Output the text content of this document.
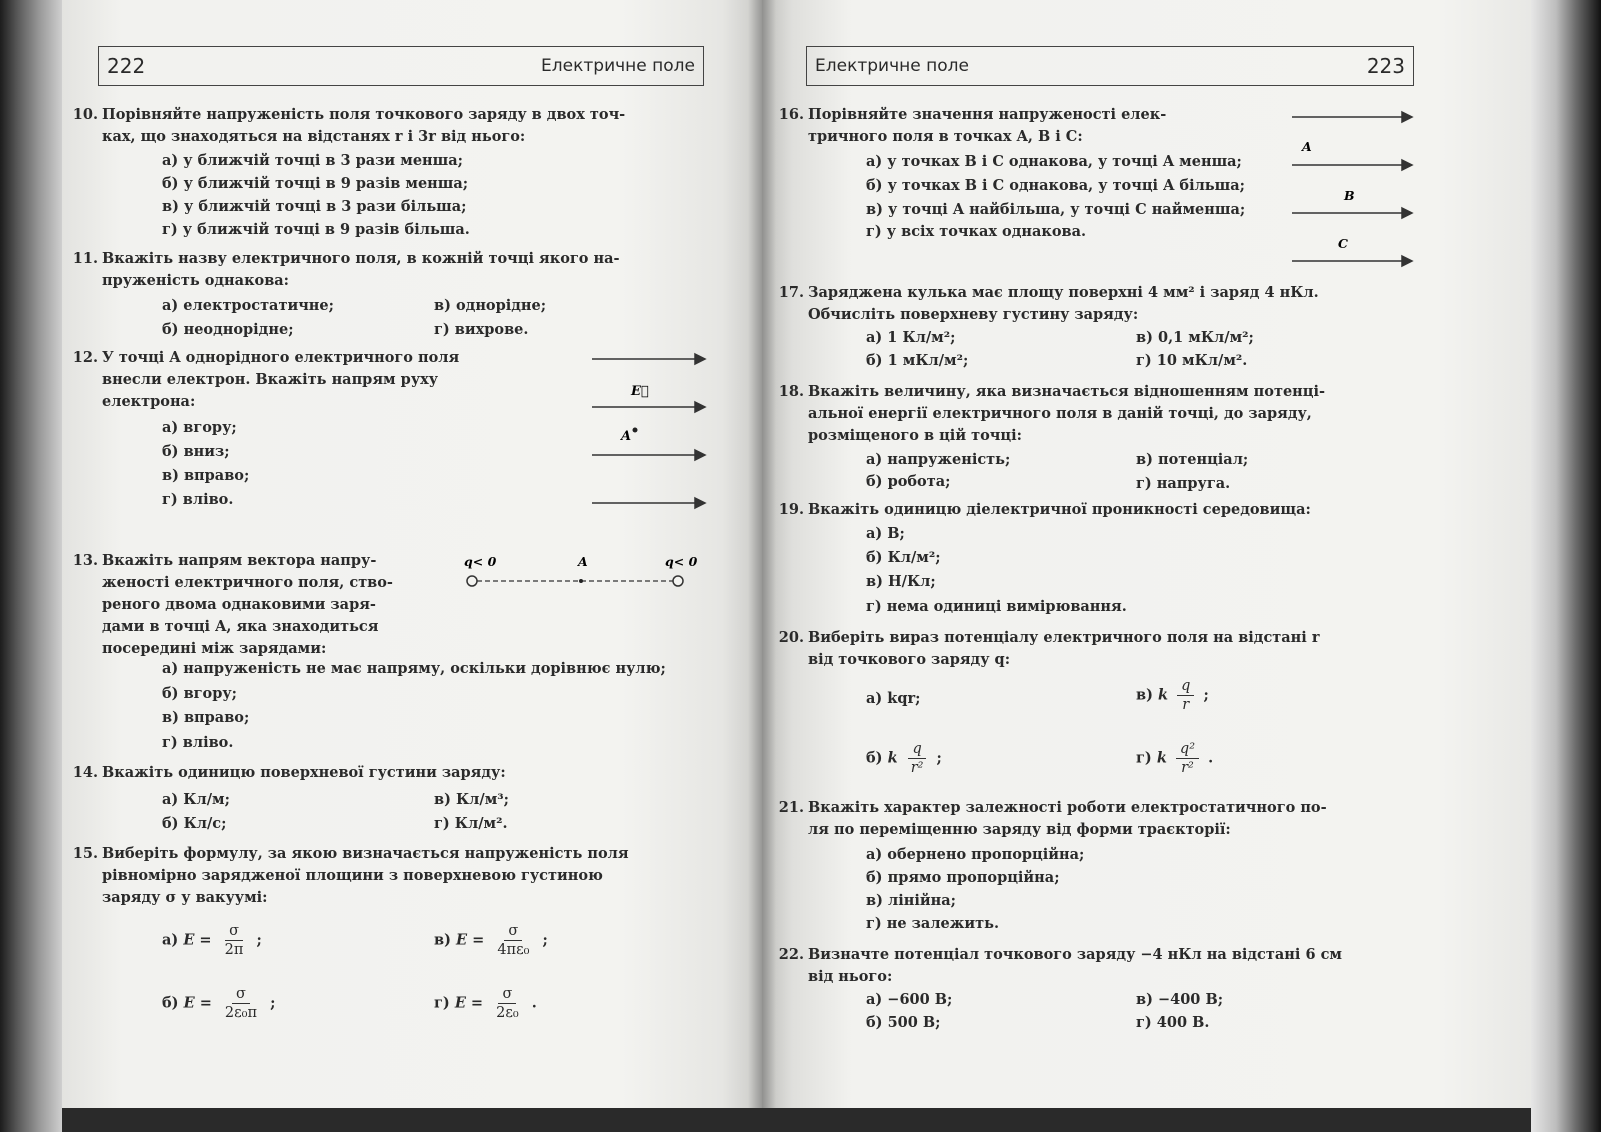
222	Електричне поле
10. Порівняйте напруженість поля точкового заряду в двох точ-
ках, що знаходяться на відстанях r і 3r від нього:
а) у ближчій точці в 3 рази менша;
б) у ближчій точці в 9 разів менша;
в) у ближчій точці в 3 рази більша;
г) у ближчій точці в 9 разів більша.
11. Вкажіть назву електричного поля, в кожній точці якого на-
пруженість однакова:
а) електростатичне;	в) однорідне;
б) неоднорідне;	г) вихрове.
12. У точці A однорідного електричного поля
внесли електрон. Вкажіть напрям руху
електрона:
а) вгору;
б) вниз;
в) вправо;
г) вліво.
E⃗
A
13. Вкажіть напрям вектора напру-
женості електричного поля, ство-
реного двома однаковими заря-
дами в точці A, яка знаходиться
посередині між зарядами:
q< 0	q< 0
A
а) напруженість не має напряму, оскільки дорівнює нулю;
б) вгору;
в) вправо;
г) вліво.
14. Вкажіть одиницю поверхневої густини заряду:
а) Кл/м;	в) Кл/м³;
б) Кл/с;	г) Кл/м².
15. Виберіть формулу, за якою визначається напруженість поля
рівномірно зарядженої площини з поверхневою густиною
заряду σ у вакуумі:
а) $E = \frac{\sigma}{2\pi}$ ;	в) $E = \frac{\sigma}{\text{4πε₀}}$ ;
б) $E = \frac{\sigma}{\text{2ε₀π}}$ ;	г) $E = \frac{\sigma}{\text{2ε₀}}$ .
Електричне поле	223
16. Порівняйте значення напруженості елек-
тричного поля в точках A, B і C:
а) у точках B і C однакова, у точці A менша;
б) у точках B і C однакова, у точці A більша;
в) у точці A найбільша, у точці C найменша;
г) у всіх точках однакова.
A
B
C
17. Заряджена кулька має площу поверхні 4 мм² і заряд 4 нКл.
Обчисліть поверхневу густину заряду:
а) 1 Кл/м²;	в) 0,1 мКл/м²;
б) 1 мКл/м²;	г) 10 мКл/м².
18. Вкажіть величину, яка визначається відношенням потенці-
альної енергії електричного поля в даній точці, до заряду,
розміщеного в цій точці:
а) напруженість;	в) потенціал;
б) робота;	г) напруга.
19. Вкажіть одиницю діелектричної проникності середовища:
а) В;
б) Кл/м²;
в) Н/Кл;
г) нема одиниці вимірювання.
20. Виберіть вираз потенціалу електричного поля на відстані r
від точкового заряду q:
а) kqr;	в) k $\frac{q}{r}$ ;
б) k $\frac{q}{\text{r²}}$ ;	г) k $\frac{\text{q²}}{\text{r²}}$ .
21. Вкажіть характер залежності роботи електростатичного по-
ля по переміщенню заряду від форми траєкторії:
а) обернено пропорційна;
б) прямо пропорційна;
в) лінійна;
г) не залежить.
22. Визначте потенціал точкового заряду −4 нКл на відстані 6 см
від нього:
а) −600 В;	в) −400 В;
б) 500 В;	г) 400 В.
